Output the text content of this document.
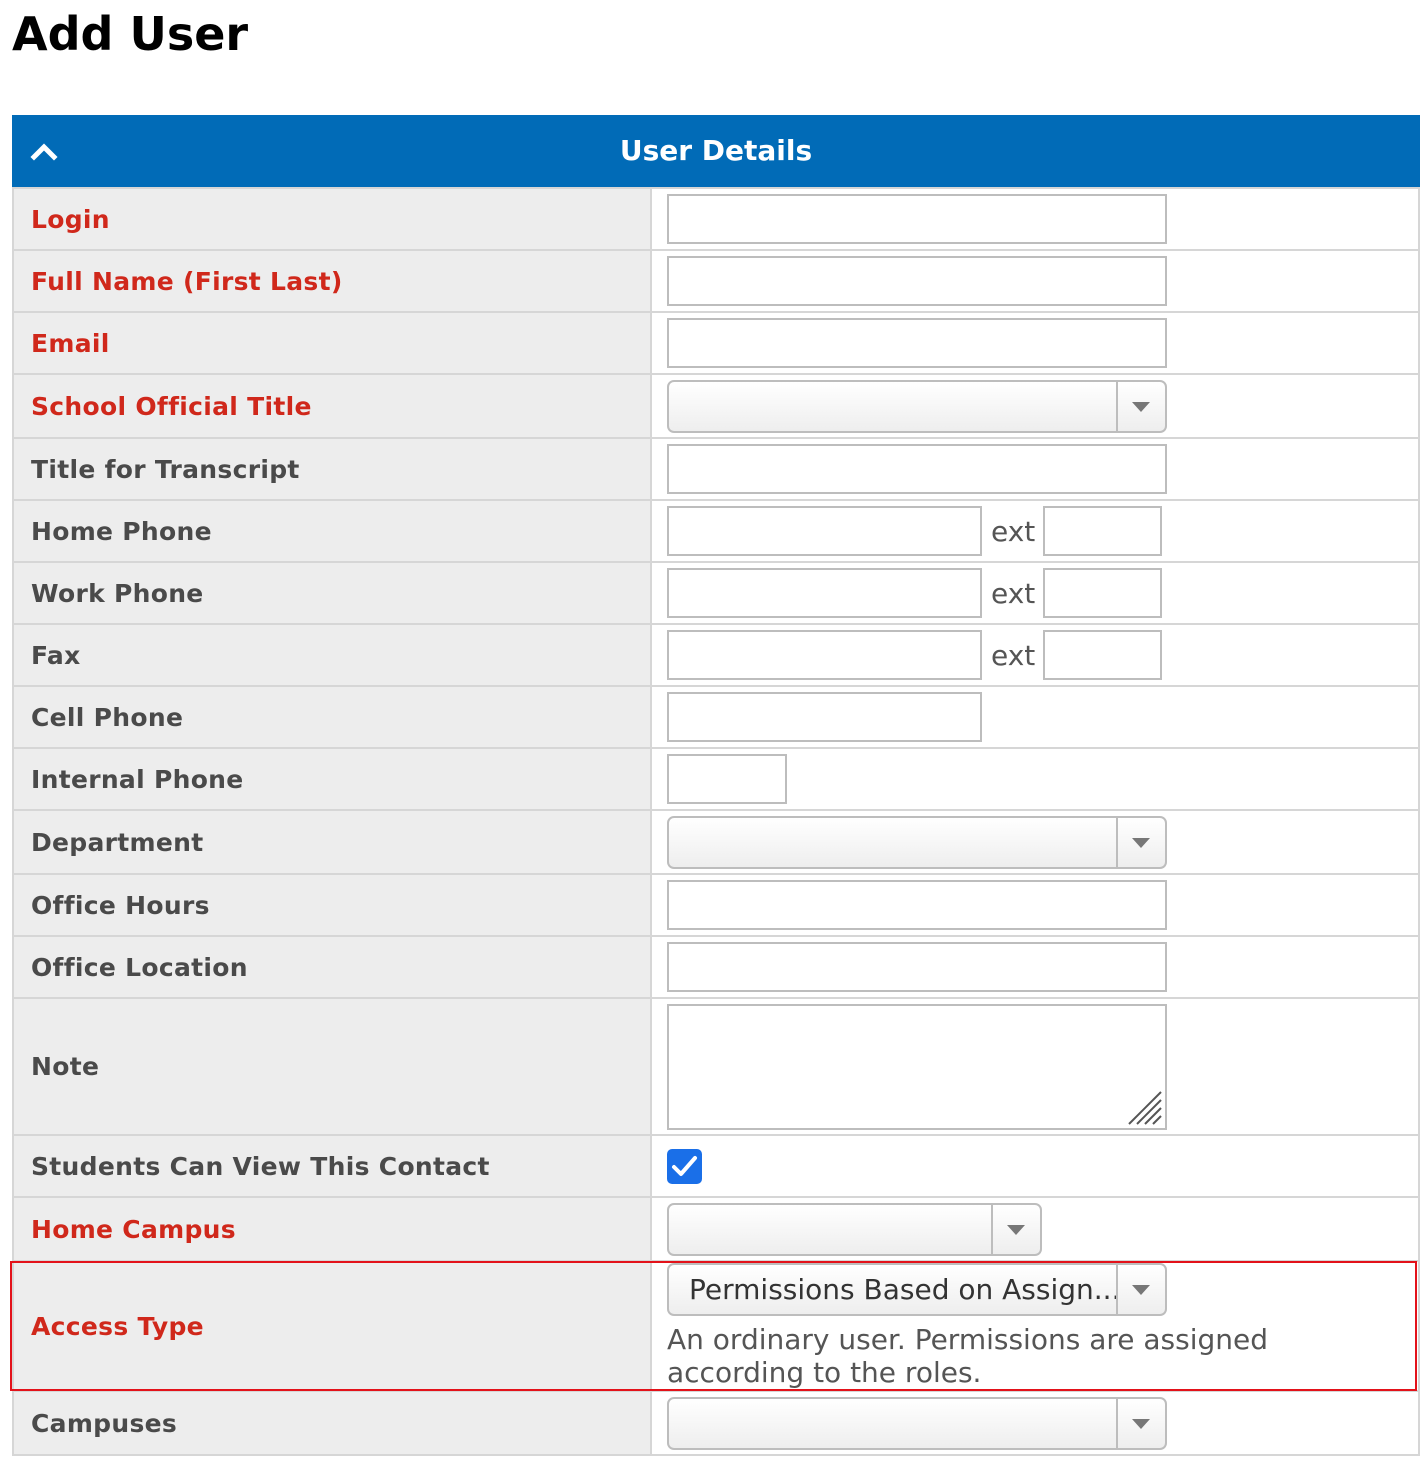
Add User
User Details
Login	
Full Name (First Last)	
Email	
School Official Title	

Title for Transcript	
Home Phone	ext
Work Phone	ext
Fax	ext
Cell Phone	
Internal Phone	
Department	

Office Hours	
Office Location	
Note	

Students Can View This Contact	

Home Campus	

Access Type	Permissions Based on Assign...
An ordinary user. Permissions are assigned according to the roles.

Campuses	
